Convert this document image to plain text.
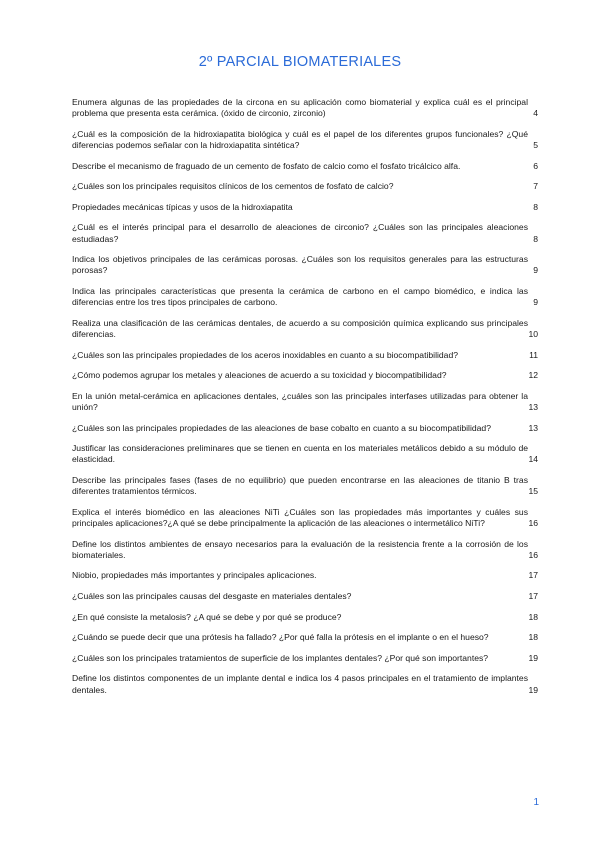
2º PARCIAL BIOMATERIALES
Enumera algunas de las propiedades de la circona en su aplicación como biomaterial y explica cuál es el principal problema que presenta esta cerámica. (óxido de circonio, zirconio)	4
¿Cuál es la composición de la hidroxiapatita biológica y cuál es el papel de los diferentes grupos funcionales? ¿Qué diferencias podemos señalar con la hidroxiapatita sintética?	5
Describe el mecanismo de fraguado de un cemento de fosfato de calcio como el fosfato tricálcico alfa.	6
¿Cuáles son los principales requisitos clínicos de los cementos de fosfato de calcio?	7
Propiedades mecánicas típicas y usos de la hidroxiapatita	8
¿Cuál es el interés principal para el desarrollo de aleaciones de circonio? ¿Cuáles son las principales aleaciones estudiadas?	8
Indica los objetivos principales de las cerámicas porosas. ¿Cuáles son los requisitos generales para las estructuras porosas?	9
Indica las principales características que presenta la cerámica de carbono en el campo biomédico, e indica las diferencias entre los tres tipos principales de carbono.	9
Realiza una clasificación de las cerámicas dentales, de acuerdo a su composición química explicando sus principales diferencias.	10
¿Cuáles son las principales propiedades de los aceros inoxidables en cuanto a su biocompatibilidad?	11
¿Cómo podemos agrupar los metales y aleaciones de acuerdo a su toxicidad y biocompatibilidad?	12
En la unión metal-cerámica en aplicaciones dentales, ¿cuáles son las principales interfases utilizadas para obtener la unión?	13
¿Cuáles son las principales propiedades de las aleaciones de base cobalto en cuanto a su biocompatibilidad?	13
Justificar las consideraciones preliminares que se tienen en cuenta en los materiales metálicos debido a su módulo de elasticidad.	14
Describe las principales fases (fases de no equilibrio) que pueden encontrarse en las aleaciones de titanio B tras diferentes tratamientos térmicos.	15
Explica el interés biomédico en las aleaciones NiTi ¿Cuáles son las propiedades más importantes y cuáles sus principales aplicaciones?¿A qué se debe principalmente la aplicación de las aleaciones o intermetálico NiTi?	16
Define los distintos ambientes de ensayo necesarios para la evaluación de la resistencia frente a la corrosión de los biomateriales.	16
Niobio, propiedades más importantes y principales aplicaciones.	17
¿Cuáles son las principales causas del desgaste en materiales dentales?	17
¿En qué consiste la metalosis? ¿A qué se debe y por qué se produce?	18
¿Cuándo se puede decir que una prótesis ha fallado? ¿Por qué falla la prótesis en el implante o en el hueso?	18
¿Cuáles son los principales tratamientos de superficie de los implantes dentales? ¿Por qué son importantes?	19
Define los distintos componentes de un implante dental e indica los 4 pasos principales en el tratamiento de implantes dentales.	19
1
